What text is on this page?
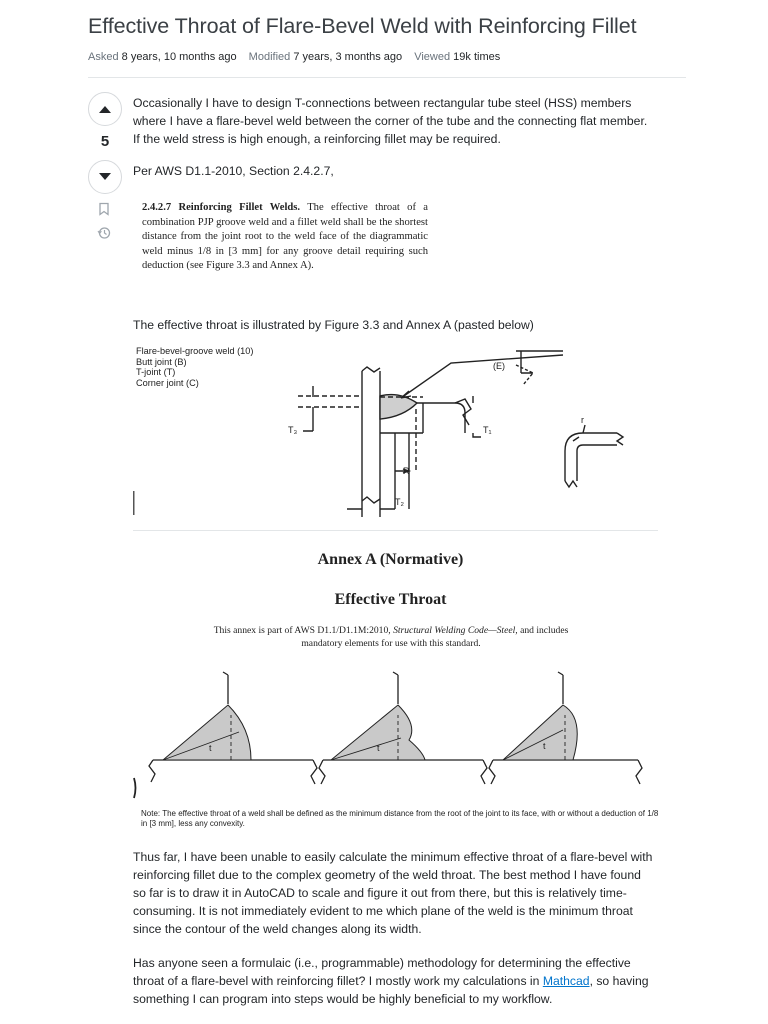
Effective Throat of Flare-Bevel Weld with Reinforcing Fillet
Asked 8 years, 10 months ago Modified 7 years, 3 months ago Viewed 19k times
5

Occasionally I have to design T-connections between rectangular tube steel (HSS) members where I have a flare-bevel weld between the corner of the tube and the connecting flat member. If the weld stress is high enough, a reinforcing fillet may be required.

Per AWS D1.1-2010, Section 2.4.2.7,

2.4.2.7 Reinforcing Fillet Welds. The effective throat of a combination PJP groove weld and a fillet weld shall be the shortest distance from the joint root to the weld face of the diagrammatic weld minus 1/8 in [3 mm] for any groove detail requiring such deduction (see Figure 3.3 and Annex A).

The effective throat is illustrated by Figure 3.3 and Annex A (pasted below)

Flare-bevel-groove weld (10)
Butt joint (B)
T-joint (T)
Corner joint (C)
(E)
T₃	T₁
R
T₂
r
Annex A (Normative)
Effective Throat
This annex is part of AWS D1.1/D1.1M:2010, Structural Welding Code—Steel, and includes mandatory elements for use with this standard.
t	t	t
Note: The effective throat of a weld shall be defined as the minimum distance from the root of the joint to its face, with or without a deduction of 1/8 in [3 mm], less any convexity.

Thus far, I have been unable to easily calculate the minimum effective throat of a flare-bevel with reinforcing fillet due to the complex geometry of the weld throat. The best method I have found so far is to draw it in AutoCAD to scale and figure it out from there, but this is relatively time-consuming. It is not immediately evident to me which plane of the weld is the minimum throat since the contour of the weld changes along its width.

Has anyone seen a formulaic (i.e., programmable) methodology for determining the effective throat of a flare-bevel with reinforcing fillet? I mostly work my calculations in Mathcad, so having something I can program into steps would be highly beneficial to my workflow.
